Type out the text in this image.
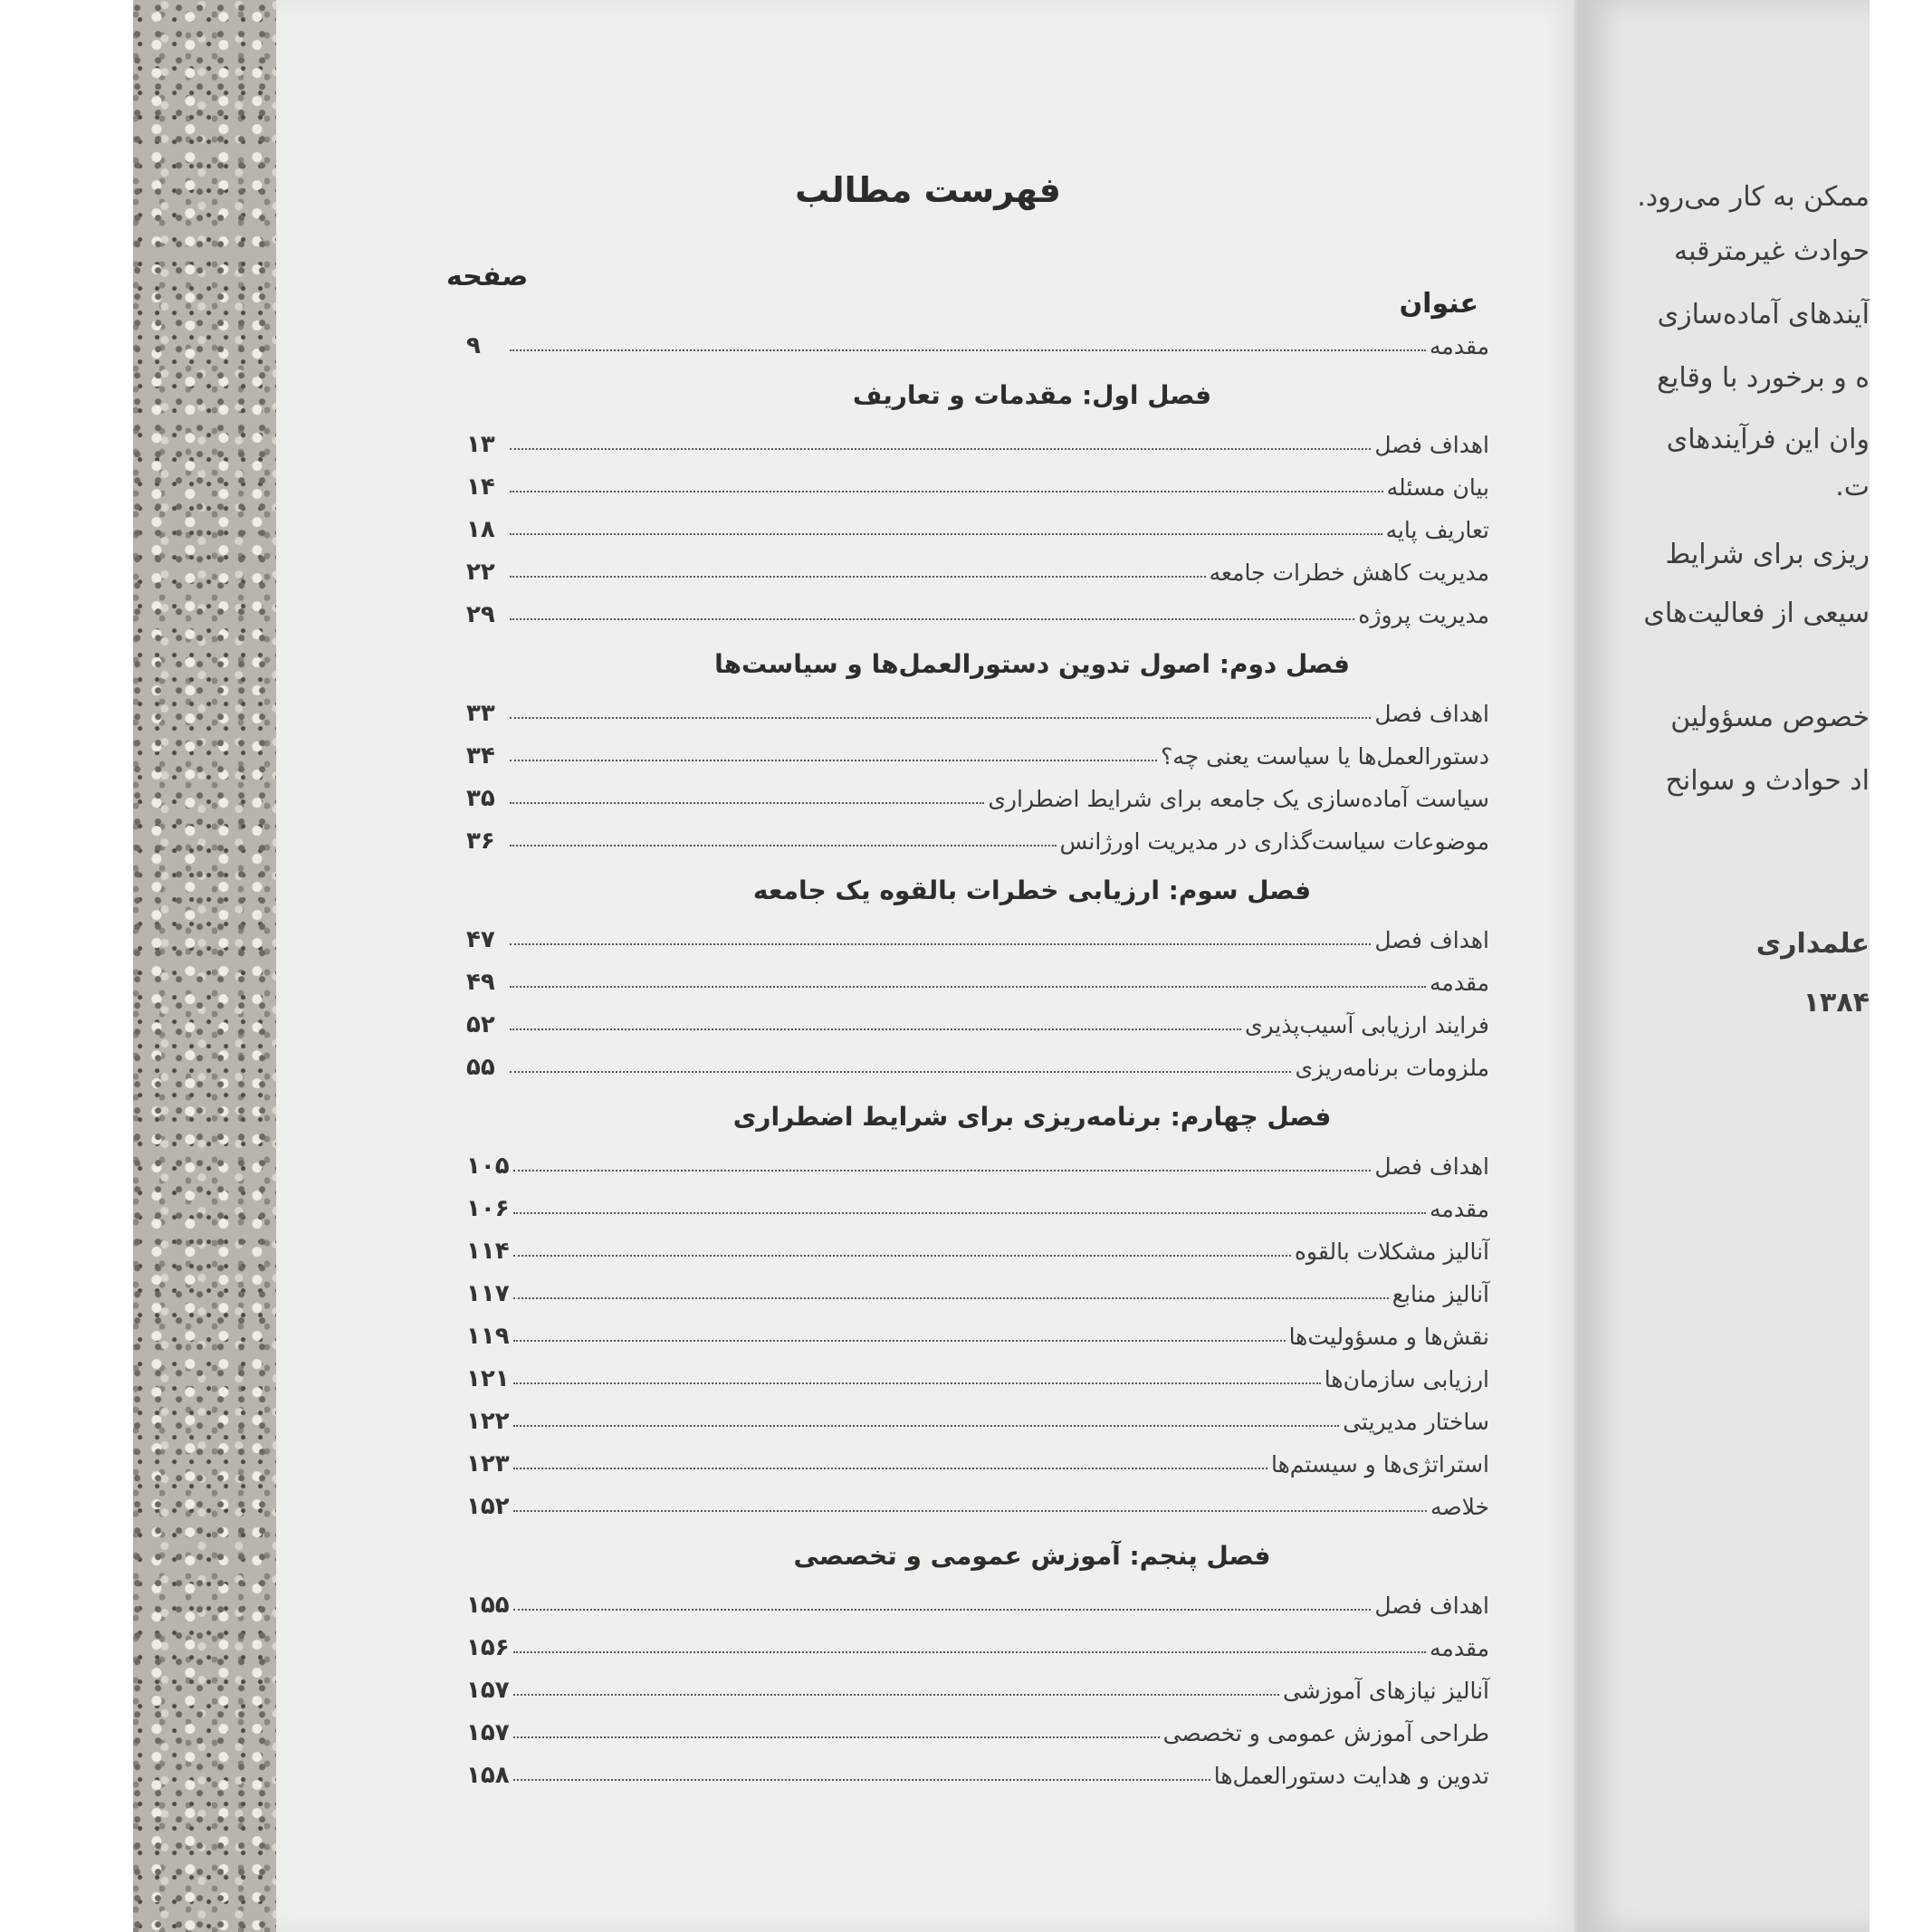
فهرست مطالب
عنوان
صفحه
مقدمه
۹
فصل اول: مقدمات و تعاریف
اهداف فصل
۱۳
بیان مسئله
۱۴
تعاریف پایه
۱۸
مدیریت کاهش خطرات جامعه
۲۲
مدیریت پروژه
۲۹
فصل دوم: اصول تدوین دستورالعمل‌ها و سیاست‌ها
اهداف فصل
۳۳
دستورالعمل‌ها یا سیاست یعنی چه؟
۳۴
سیاست آماده‌سازی یک جامعه برای شرایط اضطراری
۳۵
موضوعات سیاست‌گذاری در مدیریت اورژانس
۳۶
فصل سوم: ارزیابی خطرات بالقوه یک جامعه
اهداف فصل
۴۷
مقدمه
۴۹
فرایند ارزیابی آسیب‌پذیری
۵۲
ملزومات برنامه‌ریزی
۵۵
فصل چهارم: برنامه‌ریزی برای شرایط اضطراری
اهداف فصل
۱۰۵
مقدمه
۱۰۶
آنالیز مشکلات بالقوه
۱۱۴
آنالیز منابع
۱۱۷
نقش‌ها و مسؤولیت‌ها
۱۱۹
ارزیابی سازمان‌ها
۱۲۱
ساختار مدیریتی
۱۲۲
استراتژی‌ها و سیستم‌ها
۱۲۳
خلاصه
۱۵۲
فصل پنجم: آموزش عمومی و تخصصی
اهداف فصل
۱۵۵
مقدمه
۱۵۶
آنالیز نیازهای آموزشی
۱۵۷
طراحی آموزش عمومی و تخصصی
۱۵۷
تدوین و هدایت دستورالعمل‌ها
۱۵۸
ممکن به کار می‌رود.
حوادث غیرمترقبه
آیندهای آماده‌سازی
ه و برخورد با وقایع
وان این فرآیندهای
ت.
ریزی برای شرایط
سیعی از فعالیت‌های
خصوص مسؤولین
اد حوادث و سوانح
علمداری
۱۳۸۴
